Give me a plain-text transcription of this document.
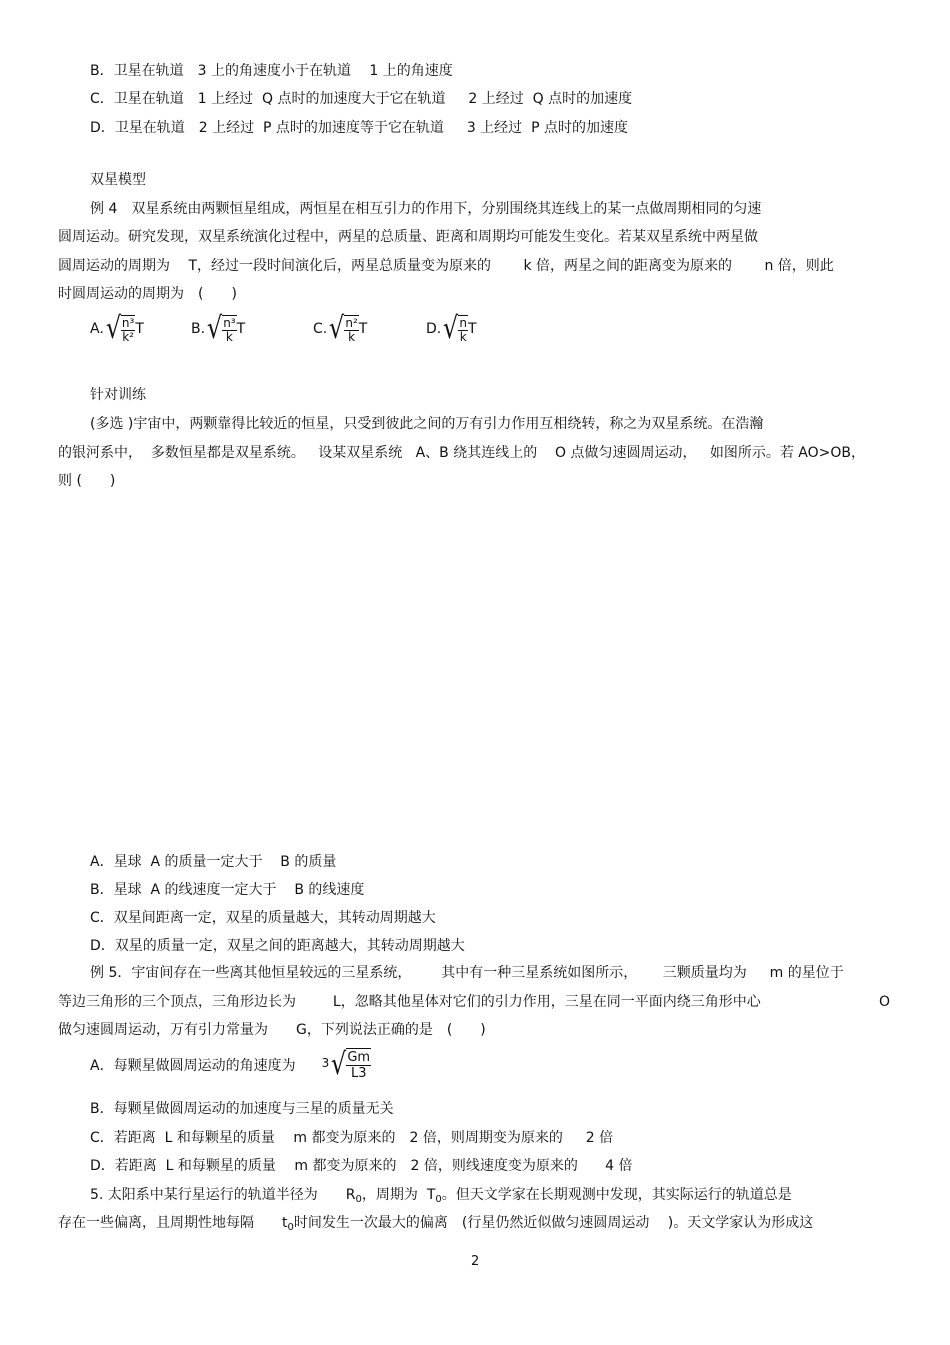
B．卫星在轨道　3 上的角速度小于在轨道　 1 上的角速度
C．卫星在轨道　1 上经过  Q 点时的加速度大于它在轨道　  2 上经过  Q 点时的加速度
D．卫星在轨道　2 上经过  P 点时的加速度等于它在轨道　  3 上经过  P 点时的加速度
双星模型
例 4　双星系统由两颗恒星组成，两恒星在相互引力的作用下，分别围绕其连线上的某一点做周期相同的匀速
圆周运动。研究发现，双星系统演化过程中，两星的总质量、距离和周期均可能发生变化。若某双星系统中两星做
圆周运动的周期为　 T，经过一段时间演化后，两星总质量变为原来的　　 k 倍，两星之间的距离变为原来的　　 n 倍，则此
时圆周运动的周期为　(　　)
A. √ $\frac{\text{n³}}{\text{k²}}$ T	B. √ $\frac{\text{n³}}{k}$ T	C. √ $\frac{\text{n²}}{k}$ T	D. √ $\frac{n}{k}$ T
针对训练
(多选 )宇宙中，两颗靠得比较近的恒星，只受到彼此之间的万有引力作用互相绕转，称之为双星系统。在浩瀚
的银河系中，  多数恒星都是双星系统。   设某双星系统   A、B 绕其连线上的    O 点做匀速圆周运动，   如图所示。若 AO>OB，
则 (　　)
A．星球  A 的质量一定大于    B 的质量
B．星球  A 的线速度一定大于    B 的线速度
C．双星间距离一定，双星的质量越大，其转动周期越大
D．双星的质量一定，双星之间的距离越大，其转动周期越大
例 5．宇宙间存在一些离其他恒星较远的三星系统，　　  其中有一种三星系统如图所示，　　 三颗质量均为　  m 的星位于
等边三角形的三个顶点，三角形边长为　　  L，忽略其他星体对它们的引力作用，三星在同一平面内绕三角形中心	O
做匀速圆周运动，万有引力常量为　　G，下列说法正确的是　(　　)
A．每颗星做圆周运动的角速度为 3 √ $\frac{Gm}{L3}$
B．每颗星做圆周运动的加速度与三星的质量无关
C．若距离  L 和每颗星的质量　 m 都变为原来的　2 倍，则周期变为原来的　  2 倍
D．若距离  L 和每颗星的质量　 m 都变为原来的　2 倍，则线速度变为原来的　   4 倍
5. 太阳系中某行星运行的轨道半径为　　$R_0$，周期为  $T_0$。但天文学家在长期观测中发现，其实际运行的轨道总是
存在一些偏离，且周期性地每隔　　$t_0$时间发生一次最大的偏离　(行星仍然近似做匀速圆周运动　 )。天文学家认为形成这
2
